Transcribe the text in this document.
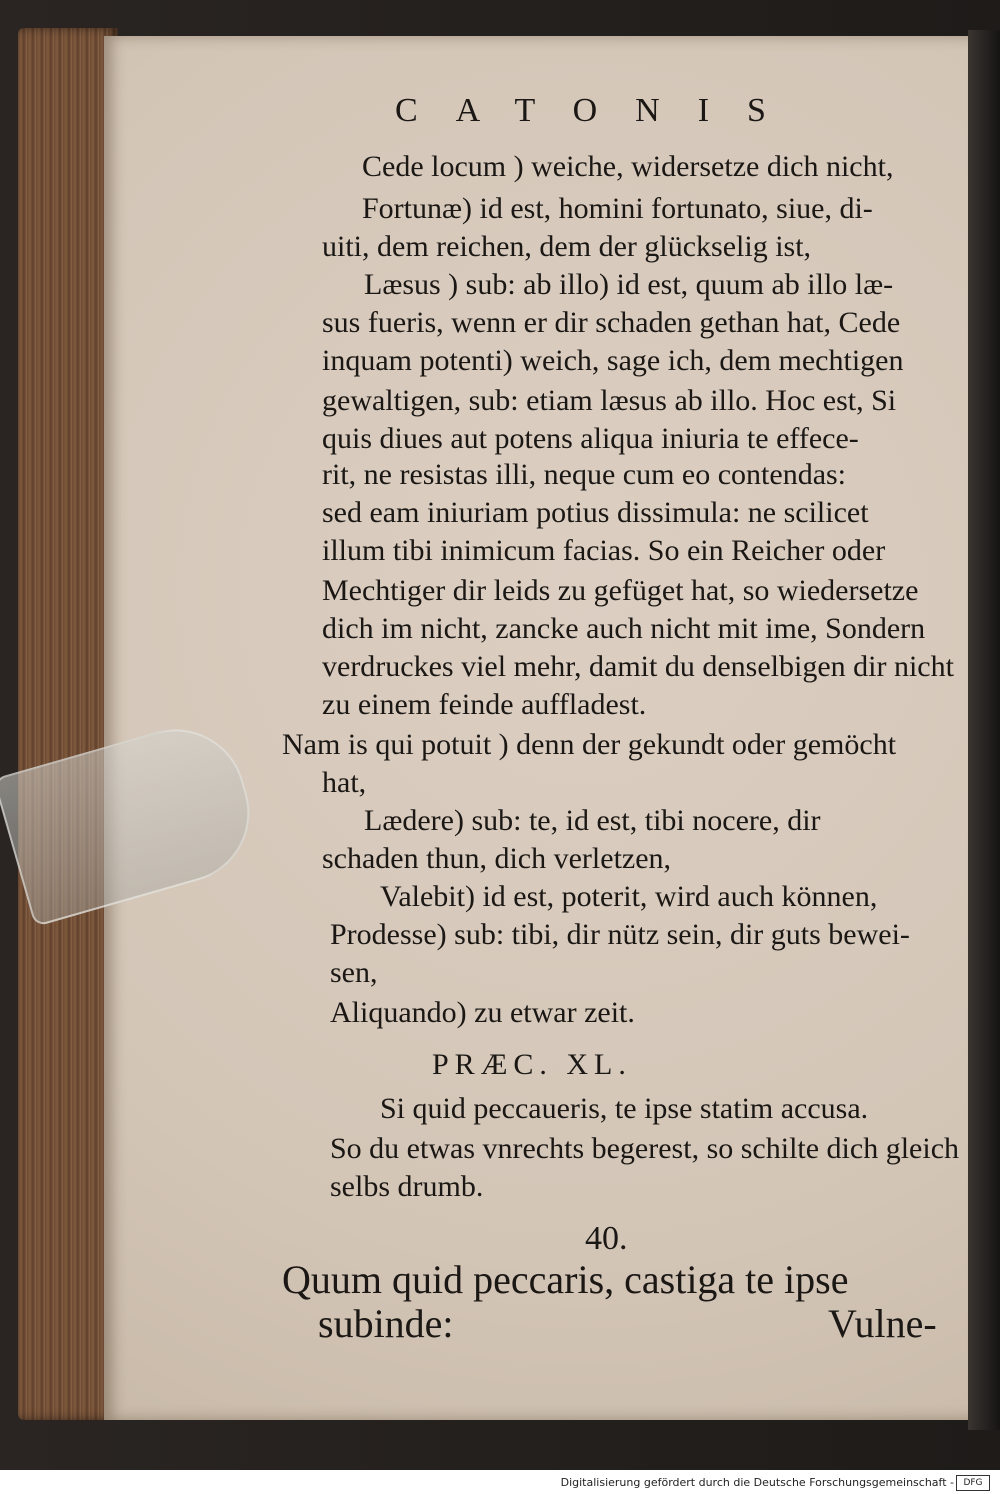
CATONIS
Cede locum ) weiche, widersetze dich nicht,
Fortunæ) id est, homini fortunato, siue, di-
uiti, dem reichen, dem der glückselig ist,
Læsus ) sub: ab illo) id est, quum ab illo læ-
sus fueris, wenn er dir schaden gethan hat, Cede
inquam potenti) weich, sage ich, dem mechtigen
gewaltigen, sub: etiam læsus ab illo. Hoc est, Si
quis diues aut potens aliqua iniuria te effece-
rit, ne resistas illi, neque cum eo contendas:
sed eam iniuriam potius dissimula: ne scilicet
illum tibi inimicum facias. So ein Reicher oder
Mechtiger dir leids zu gefüget hat, so wiedersetze
dich im nicht, zancke auch nicht mit ime, Sondern
verdruckes viel mehr, damit du denselbigen dir nicht
zu einem feinde auffladest.
Nam is qui potuit ) denn der gekundt oder gemöcht
hat,
Lædere) sub: te, id est, tibi nocere, dir
schaden thun, dich verletzen,
Valebit) id est, poterit, wird auch können,
Prodesse) sub: tibi, dir nütz sein, dir guts bewei-
sen,
Aliquando) zu etwar zeit.
PRÆC. XL.
Si quid peccaueris, te ipse statim accusa.
So du etwas vnrechts begerest, so schilte dich gleich
selbs drumb.
40.
Quum quid peccaris, castiga te ipse
subinde:	Vulne-
Digitalisierung gefördert durch die Deutsche Forschungsgemeinschaft -	DFG
